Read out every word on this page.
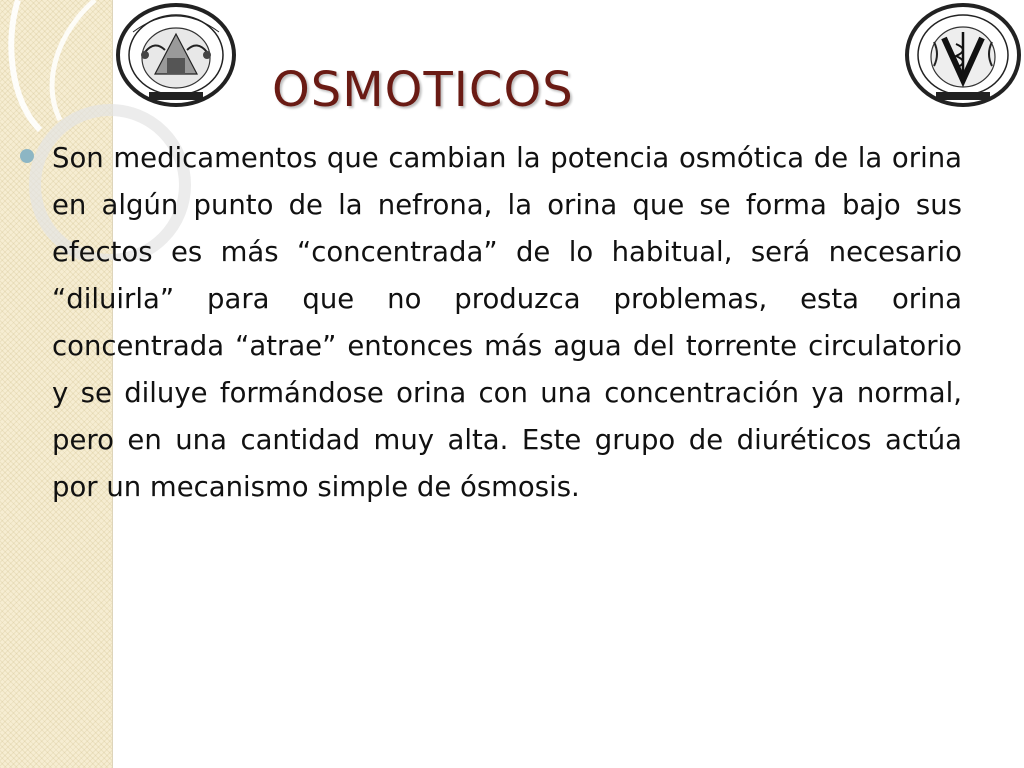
OSMOTICOS

Son medicamentos que cambian la potencia osmótica de la orina en algún punto de la nefrona, la orina que se forma bajo sus efectos es más “concentrada” de lo habitual, será necesario “diluirla” para que no produzca problemas, esta orina concentrada “atrae” entonces más agua del torrente circulatorio y se diluye formándose orina con una concentración ya normal, pero en una cantidad muy alta. Este grupo de diuréticos actúa por un mecanismo simple de ósmosis.
